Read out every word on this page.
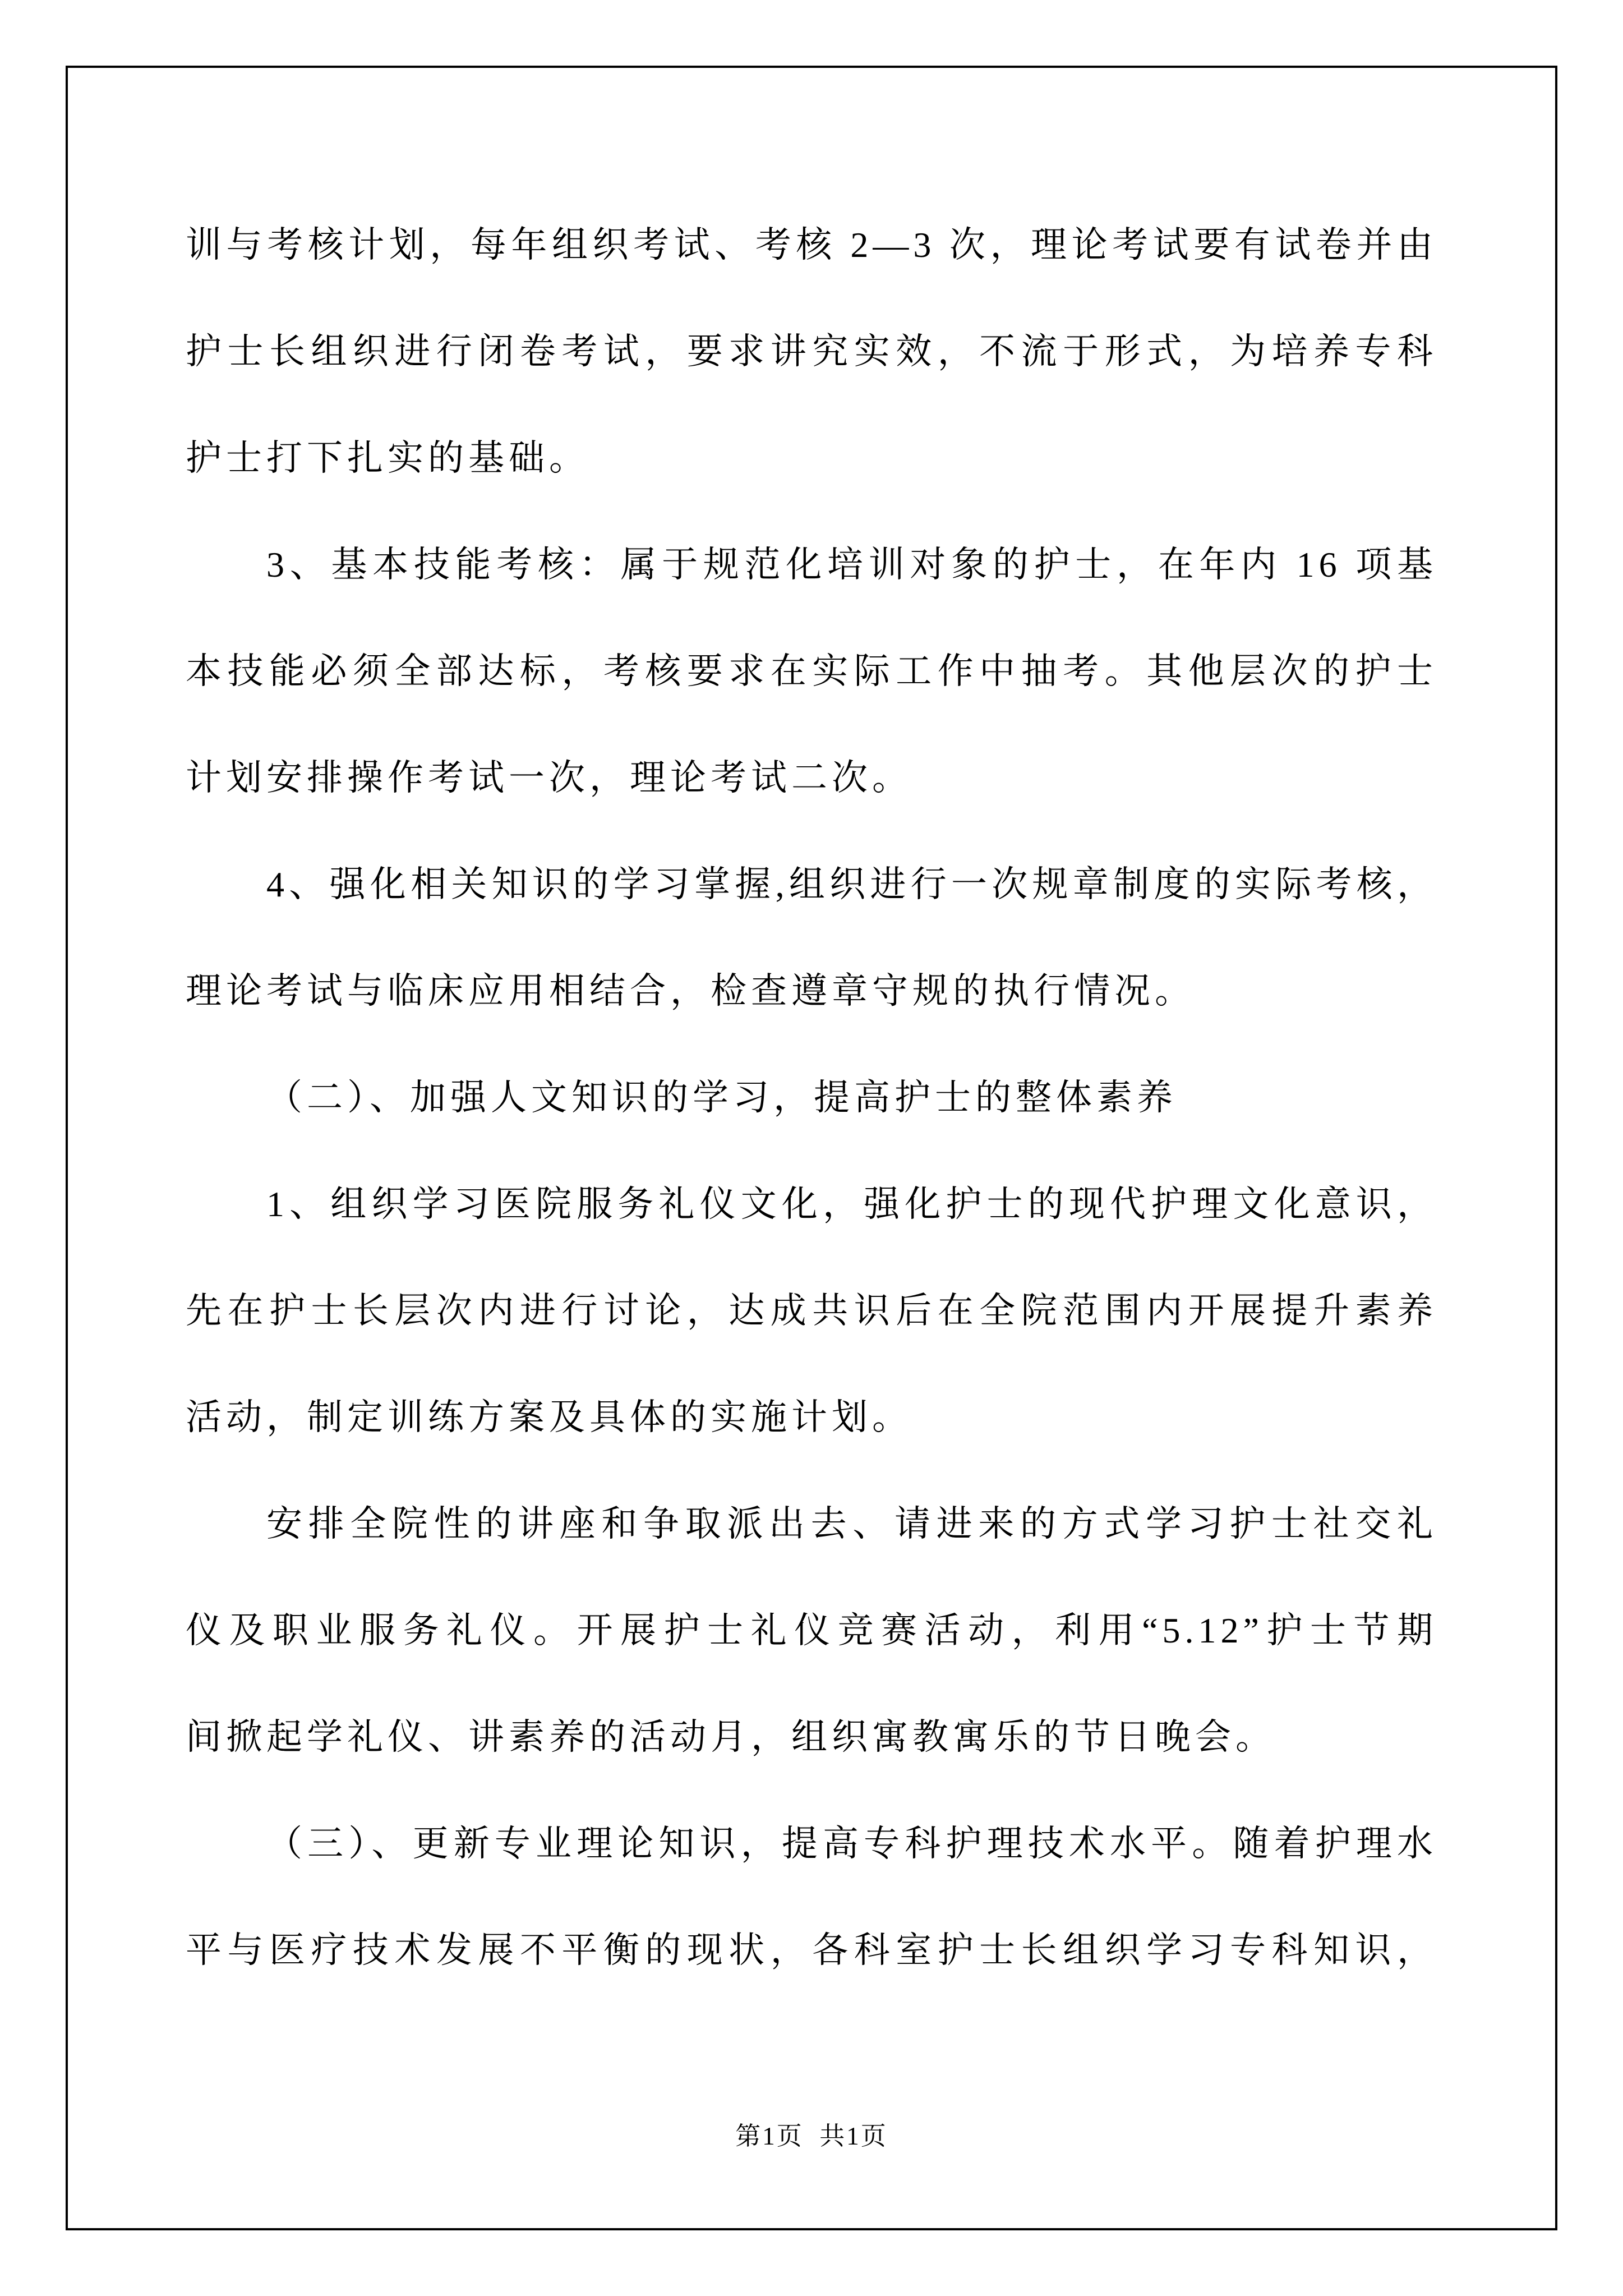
训与考核计划，每年组织考试、考核 2—3 次，理论考试要有试卷并由
护士长组织进行闭卷考试，要求讲究实效，不流于形式，为培养专科
护士打下扎实的基础。
3、基本技能考核：属于规范化培训对象的护士，在年内 16 项基
本技能必须全部达标，考核要求在实际工作中抽考。其他层次的护士
计划安排操作考试一次，理论考试二次。
4、强化相关知识的学习掌握,组织进行一次规章制度的实际考核，
理论考试与临床应用相结合，检查遵章守规的执行情况。
（二）、加强人文知识的学习，提高护士的整体素养
1、组织学习医院服务礼仪文化，强化护士的现代护理文化意识，
先在护士长层次内进行讨论，达成共识后在全院范围内开展提升素养
活动，制定训练方案及具体的实施计划。
安排全院性的讲座和争取派出去、请进来的方式学习护士社交礼
仪及职业服务礼仪。开展护士礼仪竞赛活动，利用“5.12”护士节期
间掀起学礼仪、讲素养的活动月，组织寓教寓乐的节日晚会。
（三）、更新专业理论知识，提高专科护理技术水平。随着护理水
平与医疗技术发展不平衡的现状，各科室护士长组织学习专科知识，
第1页  共1页
